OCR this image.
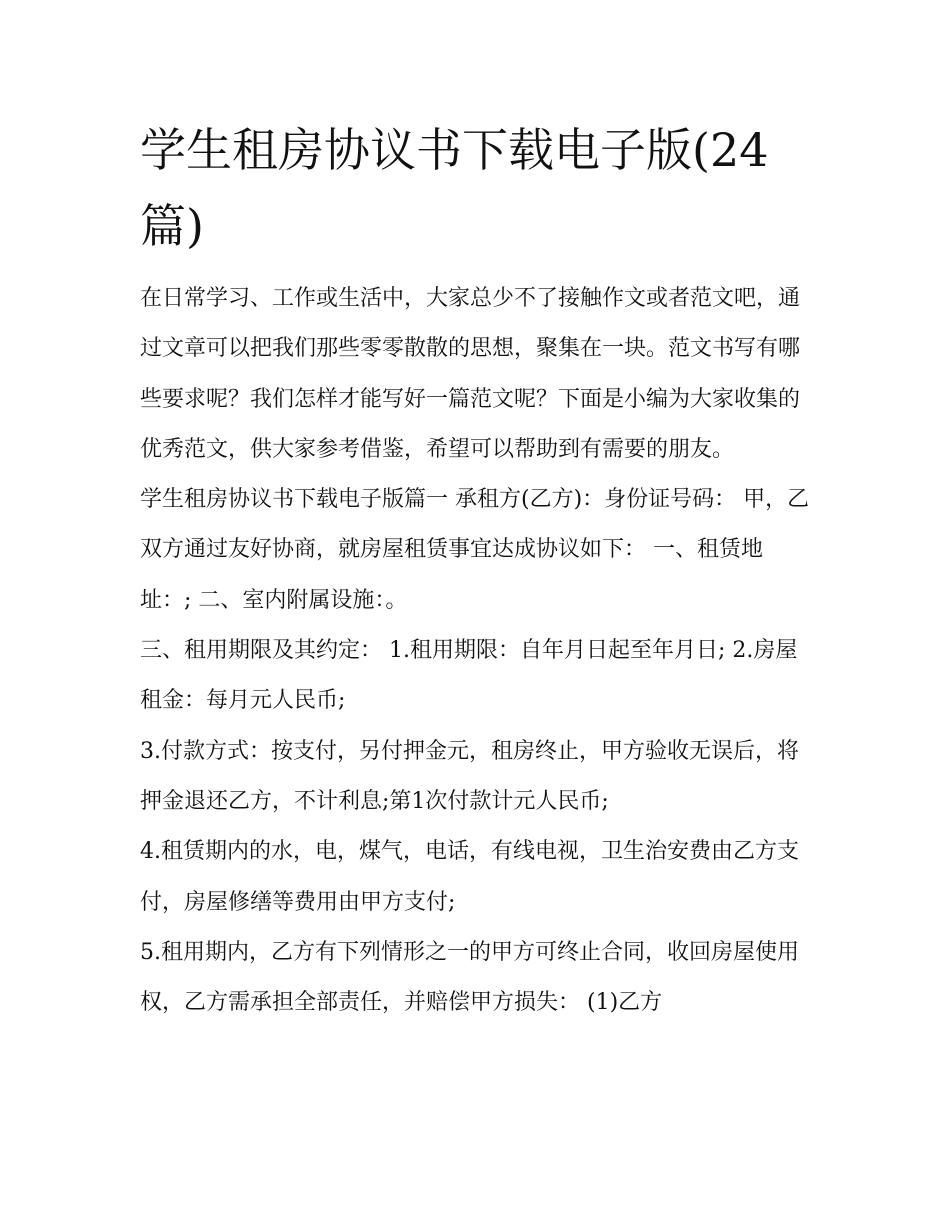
学生租房协议书下载电子版(24篇)

在日常学习、工作或生活中，大家总少不了接触作文或者范文吧，通过文章可以把我们那些零零散散的思想，聚集在一块。范文书写有哪些要求呢？我们怎样才能写好一篇范文呢？下面是小编为大家收集的优秀范文，供大家参考借鉴，希望可以帮助到有需要的朋友。

学生租房协议书下载电子版篇一 承租方(乙方)：身份证号码： 甲，乙双方通过友好协商，就房屋租赁事宜达成协议如下： 一、租赁地址：; 二、室内附属设施：。

三、租用期限及其约定： 1.租用期限：自年月日起至年月日; 2.房屋租金：每月元人民币;

3.付款方式：按支付，另付押金元，租房终止，甲方验收无误后，将押金退还乙方，不计利息;第1次付款计元人民币;

4.租赁期内的水，电，煤气，电话，有线电视，卫生治安费由乙方支付，房屋修缮等费用由甲方支付;

5.租用期内，乙方有下列情形之一的甲方可终止合同，收回房屋使用权，乙方需承担全部责任，并赔偿甲方损失： (1)乙方
